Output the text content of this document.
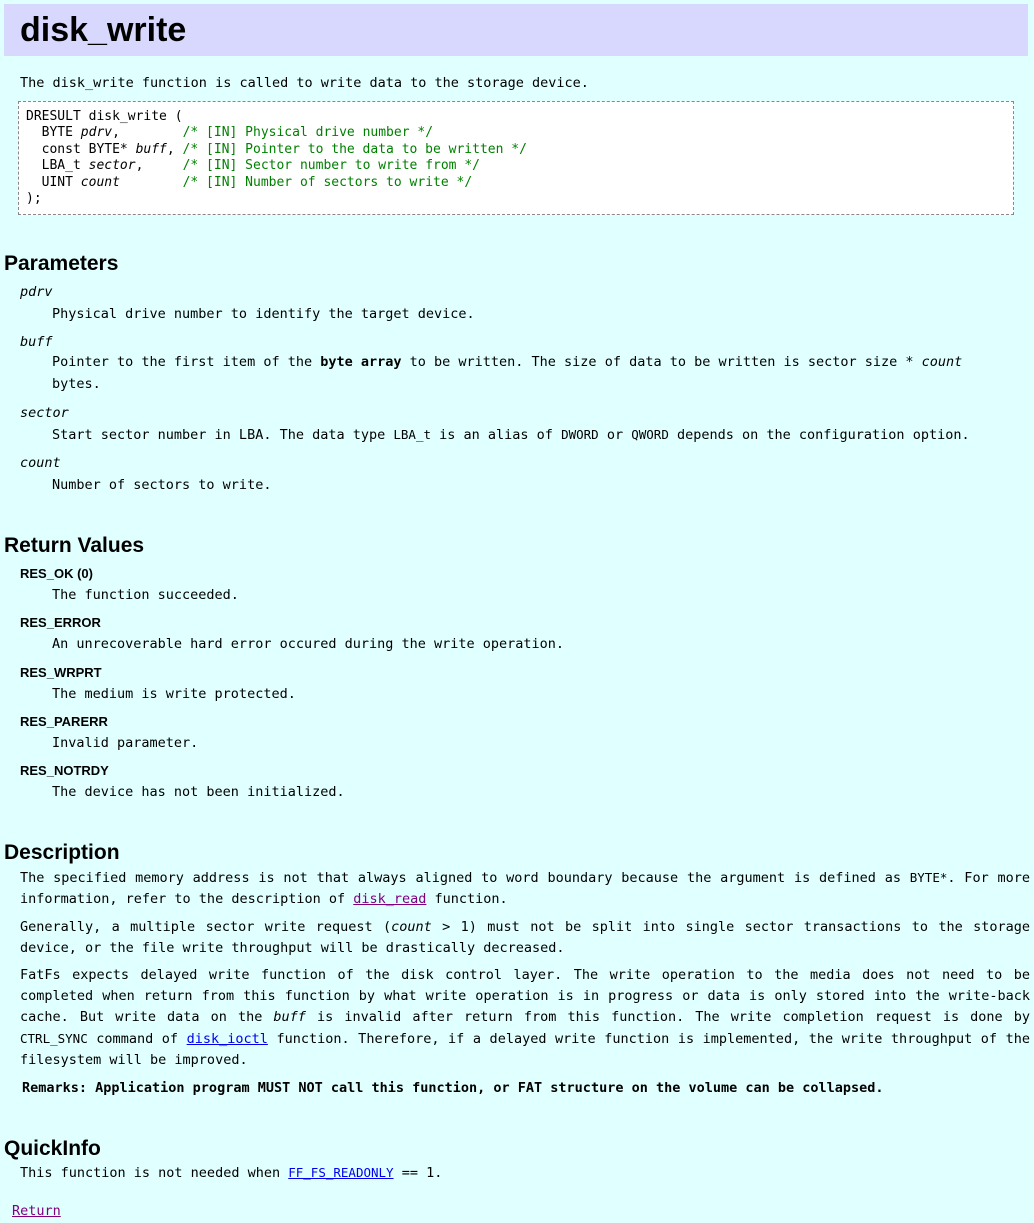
disk_write
The disk_write function is called to write data to the storage device.
DRESULT disk_write (
BYTE pdrv,	/* [IN] Physical drive number */
const BYTE* buff, /* [IN] Pointer to the data to be written */
LBA_t sector,	/* [IN] Sector number to write from */
UINT count	/* [IN] Number of sectors to write */
);
Parameters
pdrv
Physical drive number to identify the target device.
buff
Pointer to the first item of the byte array to be written. The size of data to be written is sector size * count bytes.
sector
Start sector number in LBA. The data type LBA_t is an alias of DWORD or QWORD depends on the configuration option.
count
Number of sectors to write.
Return Values
RES_OK (0)
The function succeeded.
RES_ERROR
An unrecoverable hard error occured during the write operation.
RES_WRPRT
The medium is write protected.
RES_PARERR
Invalid parameter.
RES_NOTRDY
The device has not been initialized.
Description
The specified memory address is not that always aligned to word boundary because the argument is defined as BYTE*. For more information, refer to the description of disk_read function.
Generally, a multiple sector write request (count > 1) must not be split into single sector transactions to the storage device, or the file write throughput will be drastically decreased.
FatFs expects delayed write function of the disk control layer. The write operation to the media does not need to be completed when return from this function by what write operation is in progress or data is only stored into the write-back cache. But write data on the buff is invalid after return from this function. The write completion request is done by CTRL_SYNC command of disk_ioctl function. Therefore, if a delayed write function is implemented, the write throughput of the filesystem will be improved.
Remarks: Application program MUST NOT call this function, or FAT structure on the volume can be collapsed.
QuickInfo
This function is not needed when FF_FS_READONLY == 1.
Return
